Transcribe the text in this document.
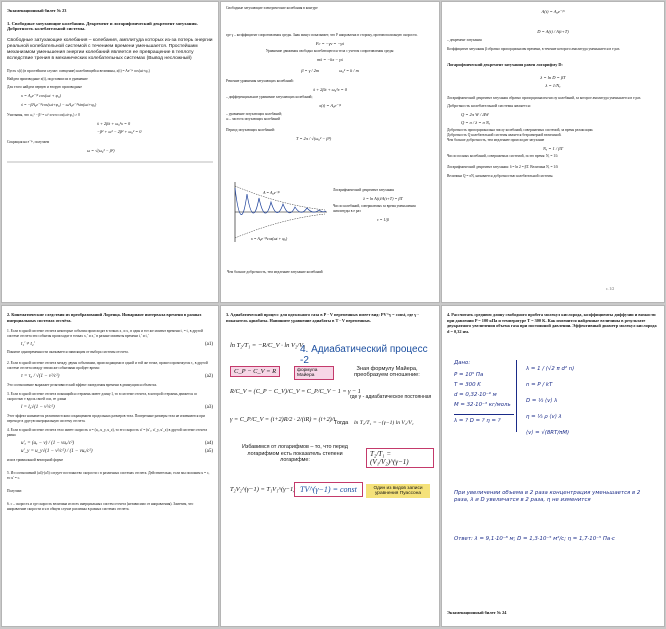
Экзаменационный билет № 23
1. Свободные затухающие колебания. Декремент и логарифмический декремент затухания. Добротность колебательной системы.
Свободные затухающие колебания – колебания, амплитуда которых из-за потерь энергии реальной колебательной системой с течением времени уменьшается. Простейшим механизмом уменьшения энергии колебаний является ее превращение в теплоту вследствие трения в механических колебательных системах (Вывод несложный)
Пусть x(t) (в простейшем случае: смещение) колеблющейся величины, x(t) = Ae⁻ᵝᵗ cos(ωt+φ₀)
Найдем производные x(t), подставим их в уравнение
Для этого найдем первую и вторую производные
x = A₀e⁻ᵝᵗ cos(ωt + φ₀)
ẋ = −βA₀e⁻ᵝᵗcos(ωt+φ₀) − ωA₀e⁻ᵝᵗsin(ωt+φ₀)
Учитывая, что ω₀² − β² = ω² и что cos(ωt+φ₀) ≠ 0
ẍ + 2βẋ + ω₀²x = 0
−β² + ω² − 2β² + ω₀² = 0
Сокращая на e⁻ᵝᵗ, получаем
ω = √(ω₀² − β²)
Свободные затухающие электрические колебания в контуре
где γ – коэффициент сопротивления среды. Знак минус показывает, что F направлена в сторону, противоположную скорости.
Fс = −γv = −γẋ
Уравнение движения свободно колеблющегося тела с учетом сопротивления среды:
mẍ = −kx − γẋ
β = γ / 2m	ω₀² = k / m
Решение уравнения затухающих колебаний:
ẍ + 2βẋ + ω₀²x = 0
– дифференциальное уравнение затухающих колебаний;
x(t) = A₀e⁻ᵝᵗ
– уравнение затухающих колебаний;
ω – частота затухающих колебаний
Период затухающих колебаний:
T = 2π / √(ω₀² − β²)
A = A₀e⁻ᵝᵗ
x = A₀e⁻ᵝᵗcos(ωt + φ₀)
Логарифмический декремент затухания
λ = ln A(t)/A(t+T) = βT
Число колебаний, совершаемых за время уменьшения амплитуды в e раз
τ = 1/β
Чем больше добротность, тем медленнее затухание колебаний
A(t) = A₀e⁻ᵝᵗ
D = A(t) / A(t+T)
– декремент затухания
Коэффициент затухания β обратно пропорционален времени, в течение которого амплитуда уменьшается в e раз.
Логарифмический декремент затухания равен логарифму D:
λ = ln D = βT
λ = 1/Nₑ
Логарифмический декремент затухания обратно пропорционален числу колебаний, за которое амплитуда уменьшается в e раз.
Добротность колебательной системы является:
Q = 2π W / ΔW
Q = π / λ = π Nₑ
Добротность пропорциональна числу колебаний, совершаемых системой, за время релаксации.
Добротность Q колебательной системы является безразмерной величиной.
Чем больше добротность, тем медленнее происходит затухание
Nₑ = 1 / βT
Число полных колебаний, совершаемых системой, за это время: Nₑ = 1/λ
Логарифмический декремент затухания: δ = ln 2 = βT. Величина Nₑ = 1/δ
Величина Q = πNₑ называется добротностью колебательной системы.
с. 1/2
2. Кинематические следствия из преобразований Лоренца. Инвариант интервала времени в разных инерциальных системах отсчёта.
1. Если в одной системе отсчета некоторые события происходят в точках x₁ и x₂ в один и тот же момент времени t₁ = t₂ в другой системе отсчета эти события происходят в точках x₁′ и x₂′ в разные моменты времени t₁′ и t₂′
t₁′ ≠ t₂′	(a1)
Понятие одновременности оказывается зависящим от выбора системы отсчета.
2. Если в одной системе отсчета между двумя событиями, происходящими в одной и той же точке, прошел промежуток τ₀ в другой системе отсчета между этими же событиями пройдет время:
τ = τ₀ / √(1 − v²/c²)	(a2)
Это соотношение выражает релятивистский эффект замедления времени в движущихся объектах.
3. Если в одной системе отсчета покоящийся стержень имеет длину l₀ то в системе отсчета, в которой стержень движется со скоростью v вдоль своей оси, ее длина
l = l₀√(1 − v²/c²)	(a3)
Этот эффект называется релятивистским сокращением продольных размеров тела. Поперечные размеры тела не изменяются при переходе в другую инерциальную систему отсчета.
4. Если в одной системе отсчета тело имеет скорость u = (uₓ, u_y, u_z), то его скорость u′ = (u′ₓ, u′_y, u′_z) в другой системе отсчета равна
u′ₓ = (uₓ − v) / (1 − vuₓ/c²)	(a4)
u′_y = u_y√(1 − v²/c²) / (1 − vuₓ/c²)	(a5)
или в тривиальной векторной форме
5. Из соотношений (а4)-(а5) следует постоянство скорости c в различных системах отсчета. Действительно, если мы положим u = c, то u′ = c.
Получим:
6. c – скорость и где скорость величина из всех инерциальных систем отсчета (независимо от направления). Заметим, что направление скорости и u в общем случае различны в разных системах отсчета.
3. Адиабатический процесс для идеального газа в Р - V переменных имеет вид: PV^γ = const, где γ - показатель адиабаты. Напишите уравнение адиабаты в Т - V переменных.
4. Адиабатический процесс -2
ln T₂/T₁ = −R/C_V · ln V₂/V₁
C_P − C_V = R	формула Майера
Зная формулу Майера, преобразуем отношение:
R/C_V = (C_P − C_V)/C_V = C_P/C_V − 1 = γ − 1
где γ - адиабатическое постоянная
γ = C_P/C_V = (i+2)R/2 · 2/(iR) = (i+2)/i
Тогда ln T₂/T₁ = −(γ−1) ln V₂/V₁
Избавимся от логарифмов – то, что перед логарифмом есть показатель степени логарифме:
T₂/T₁ = (V₁/V₂)^(γ−1)
T₂V₂^(γ−1) = T₁V₁^(γ−1) TV^(γ−1) = const	Один из видов записи уравнения Пуассона
4. Рассчитать среднюю длину свободного пробега молекул кислорода, коэффициенты диффузии и вязкости при давлении P = 100 кПа и температуре T = 300 K. Как изменится найденные величины в результате двукратного увеличения объема газа при постоянной давлении. Эффективный диаметр молекул кислорода d = 0,32 нм.
Дано:
P = 10⁵ Па
T = 300 K
d = 0,32·10⁻⁹ м
M = 32·10⁻³ кг/моль
λ = ? D = ? η = ?
λ = 1 / (√2 π d² n)
n = P / kT
D = ⅓ ⟨v⟩ λ
η = ⅓ ρ ⟨v⟩ λ
⟨v⟩ = √(8RT/πM)
При увеличении объема в 2 раза концентрация уменьшается в 2 раза, λ и D увеличатся в 2 раза, η не изменится
Ответ: λ = 9,1·10⁻⁸ м; D = 1,3·10⁻⁵ м²/с; η = 1,7·10⁻⁵ Па·с
Экзаменационный билет № 24
